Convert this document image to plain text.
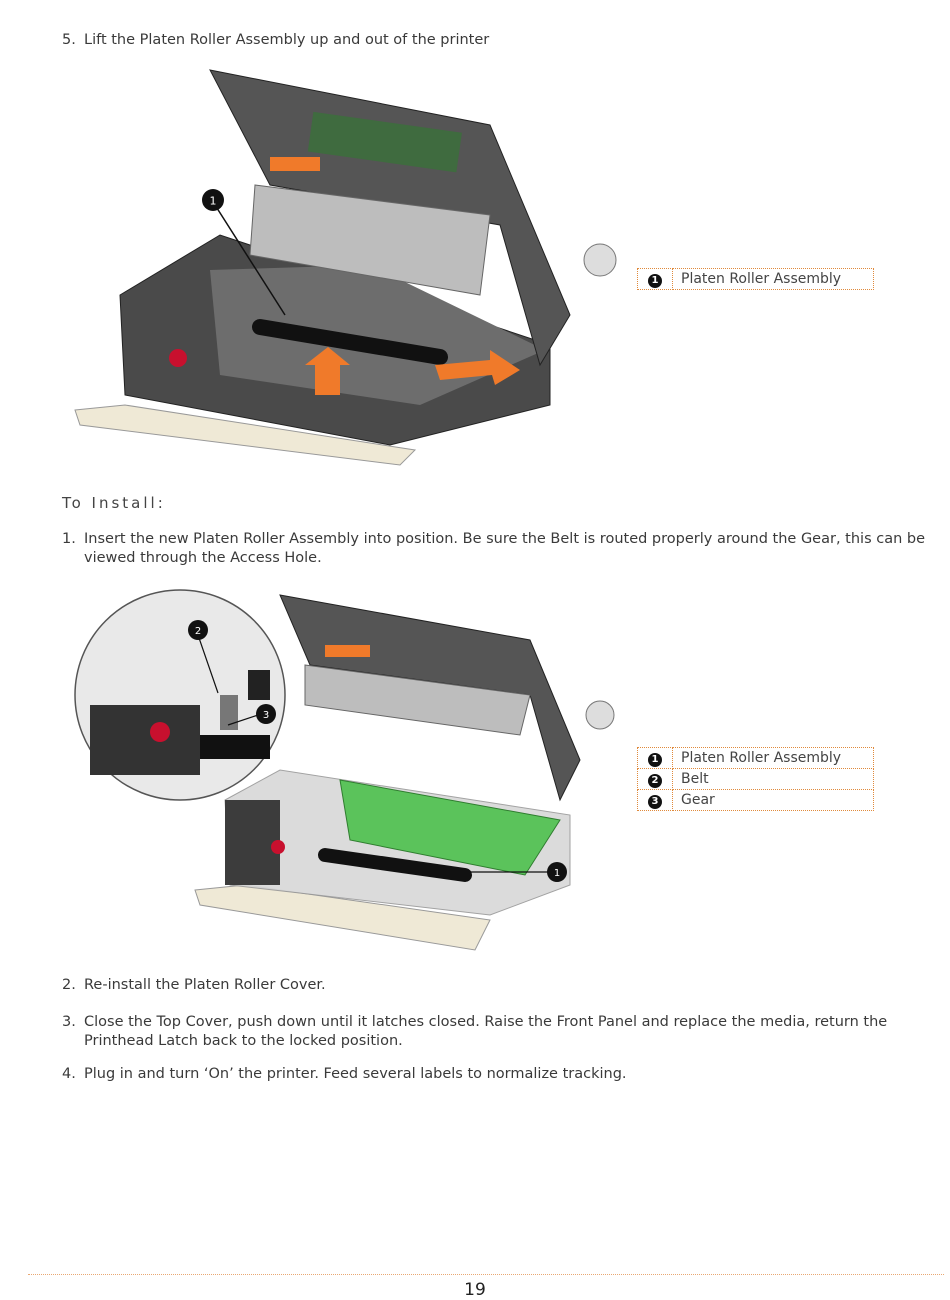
5. Lift the Platen Roller Assembly up and out of the printer
1
1	Platen Roller Assembly
To Install:
1. Insert the new Platen Roller Assembly into position. Be sure the Belt is routed properly around the Gear, this can be viewed through the Access Hole.
2
3
1
1	Platen Roller Assembly
2	Belt
3	Gear
2. Re-install the Platen Roller Cover.
3. Close the Top Cover, push down until it latches closed. Raise the Front Panel and replace the media, return the Printhead Latch back to the locked position.
4. Plug in and turn ‘On’ the printer. Feed several labels to normalize tracking.
19
